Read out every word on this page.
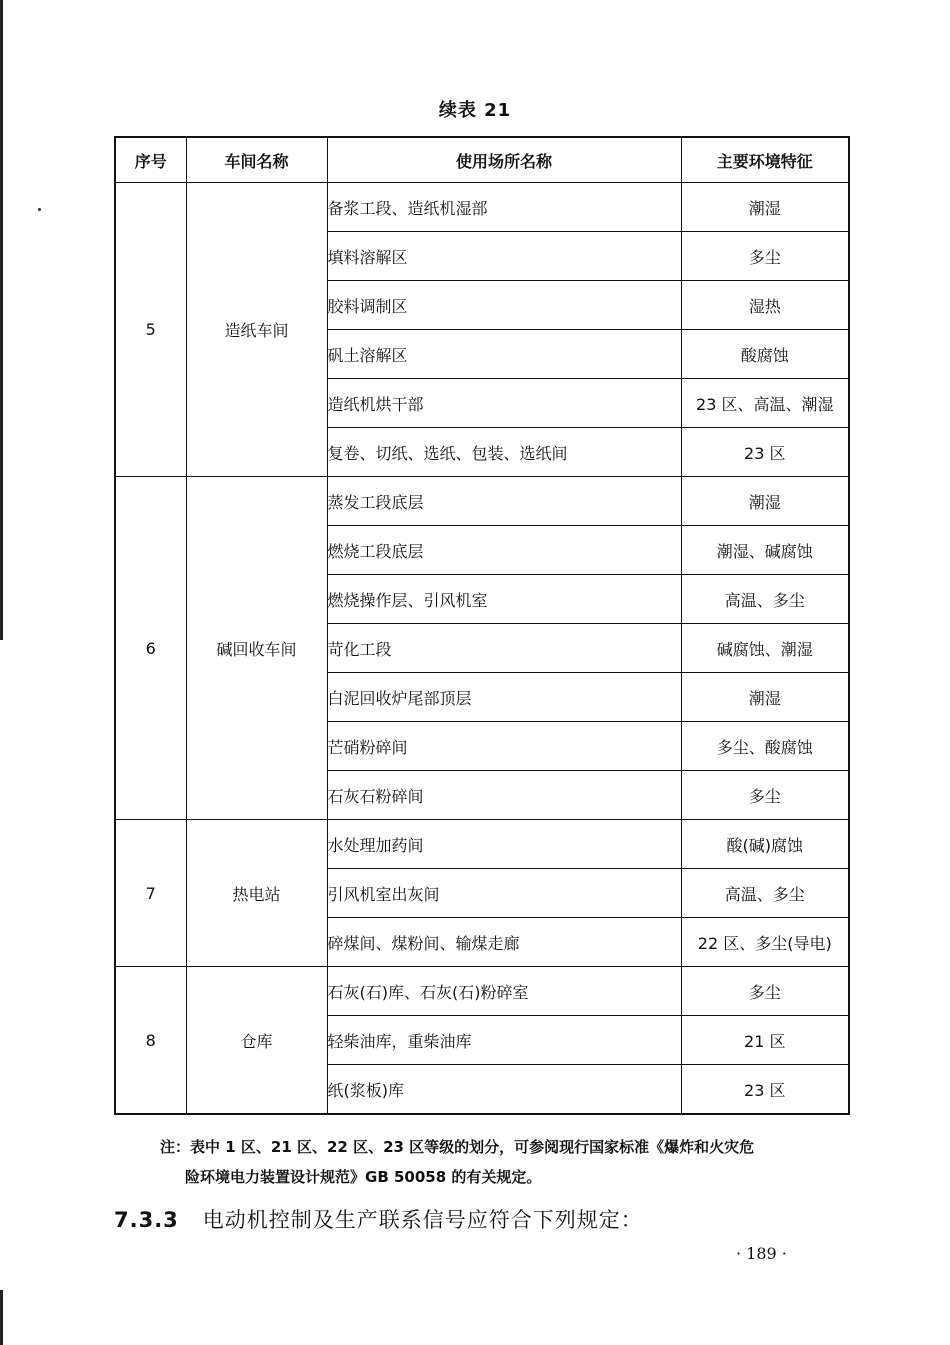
续表 21
序号	车间名称	使用场所名称	主要环境特征
5	造纸车间	备浆工段、造纸机湿部	潮湿
		填料溶解区	多尘
		胶料调制区	湿热
		矾土溶解区	酸腐蚀
		造纸机烘干部	23 区、高温、潮湿
		复卷、切纸、选纸、包装、选纸间	23 区
6	碱回收车间	蒸发工段底层	潮湿
		燃烧工段底层	潮湿、碱腐蚀
		燃烧操作层、引风机室	高温、多尘
		苛化工段	碱腐蚀、潮湿
		白泥回收炉尾部顶层	潮湿
		芒硝粉碎间	多尘、酸腐蚀
		石灰石粉碎间	多尘
7	热电站	水处理加药间	酸(碱)腐蚀
		引风机室出灰间	高温、多尘
		碎煤间、煤粉间、输煤走廊	22 区、多尘(导电)
8	仓库	石灰(石)库、石灰(石)粉碎室	多尘
		轻柴油库，重柴油库	21 区
		纸(浆板)库	23 区
注：表中 1 区、21 区、22 区、23 区等级的划分，可参阅现行国家标准《爆炸和火灾危
险环境电力装置设计规范》GB 50058 的有关规定。
7.3.3 电动机控制及生产联系信号应符合下列规定：
· 189 ·
